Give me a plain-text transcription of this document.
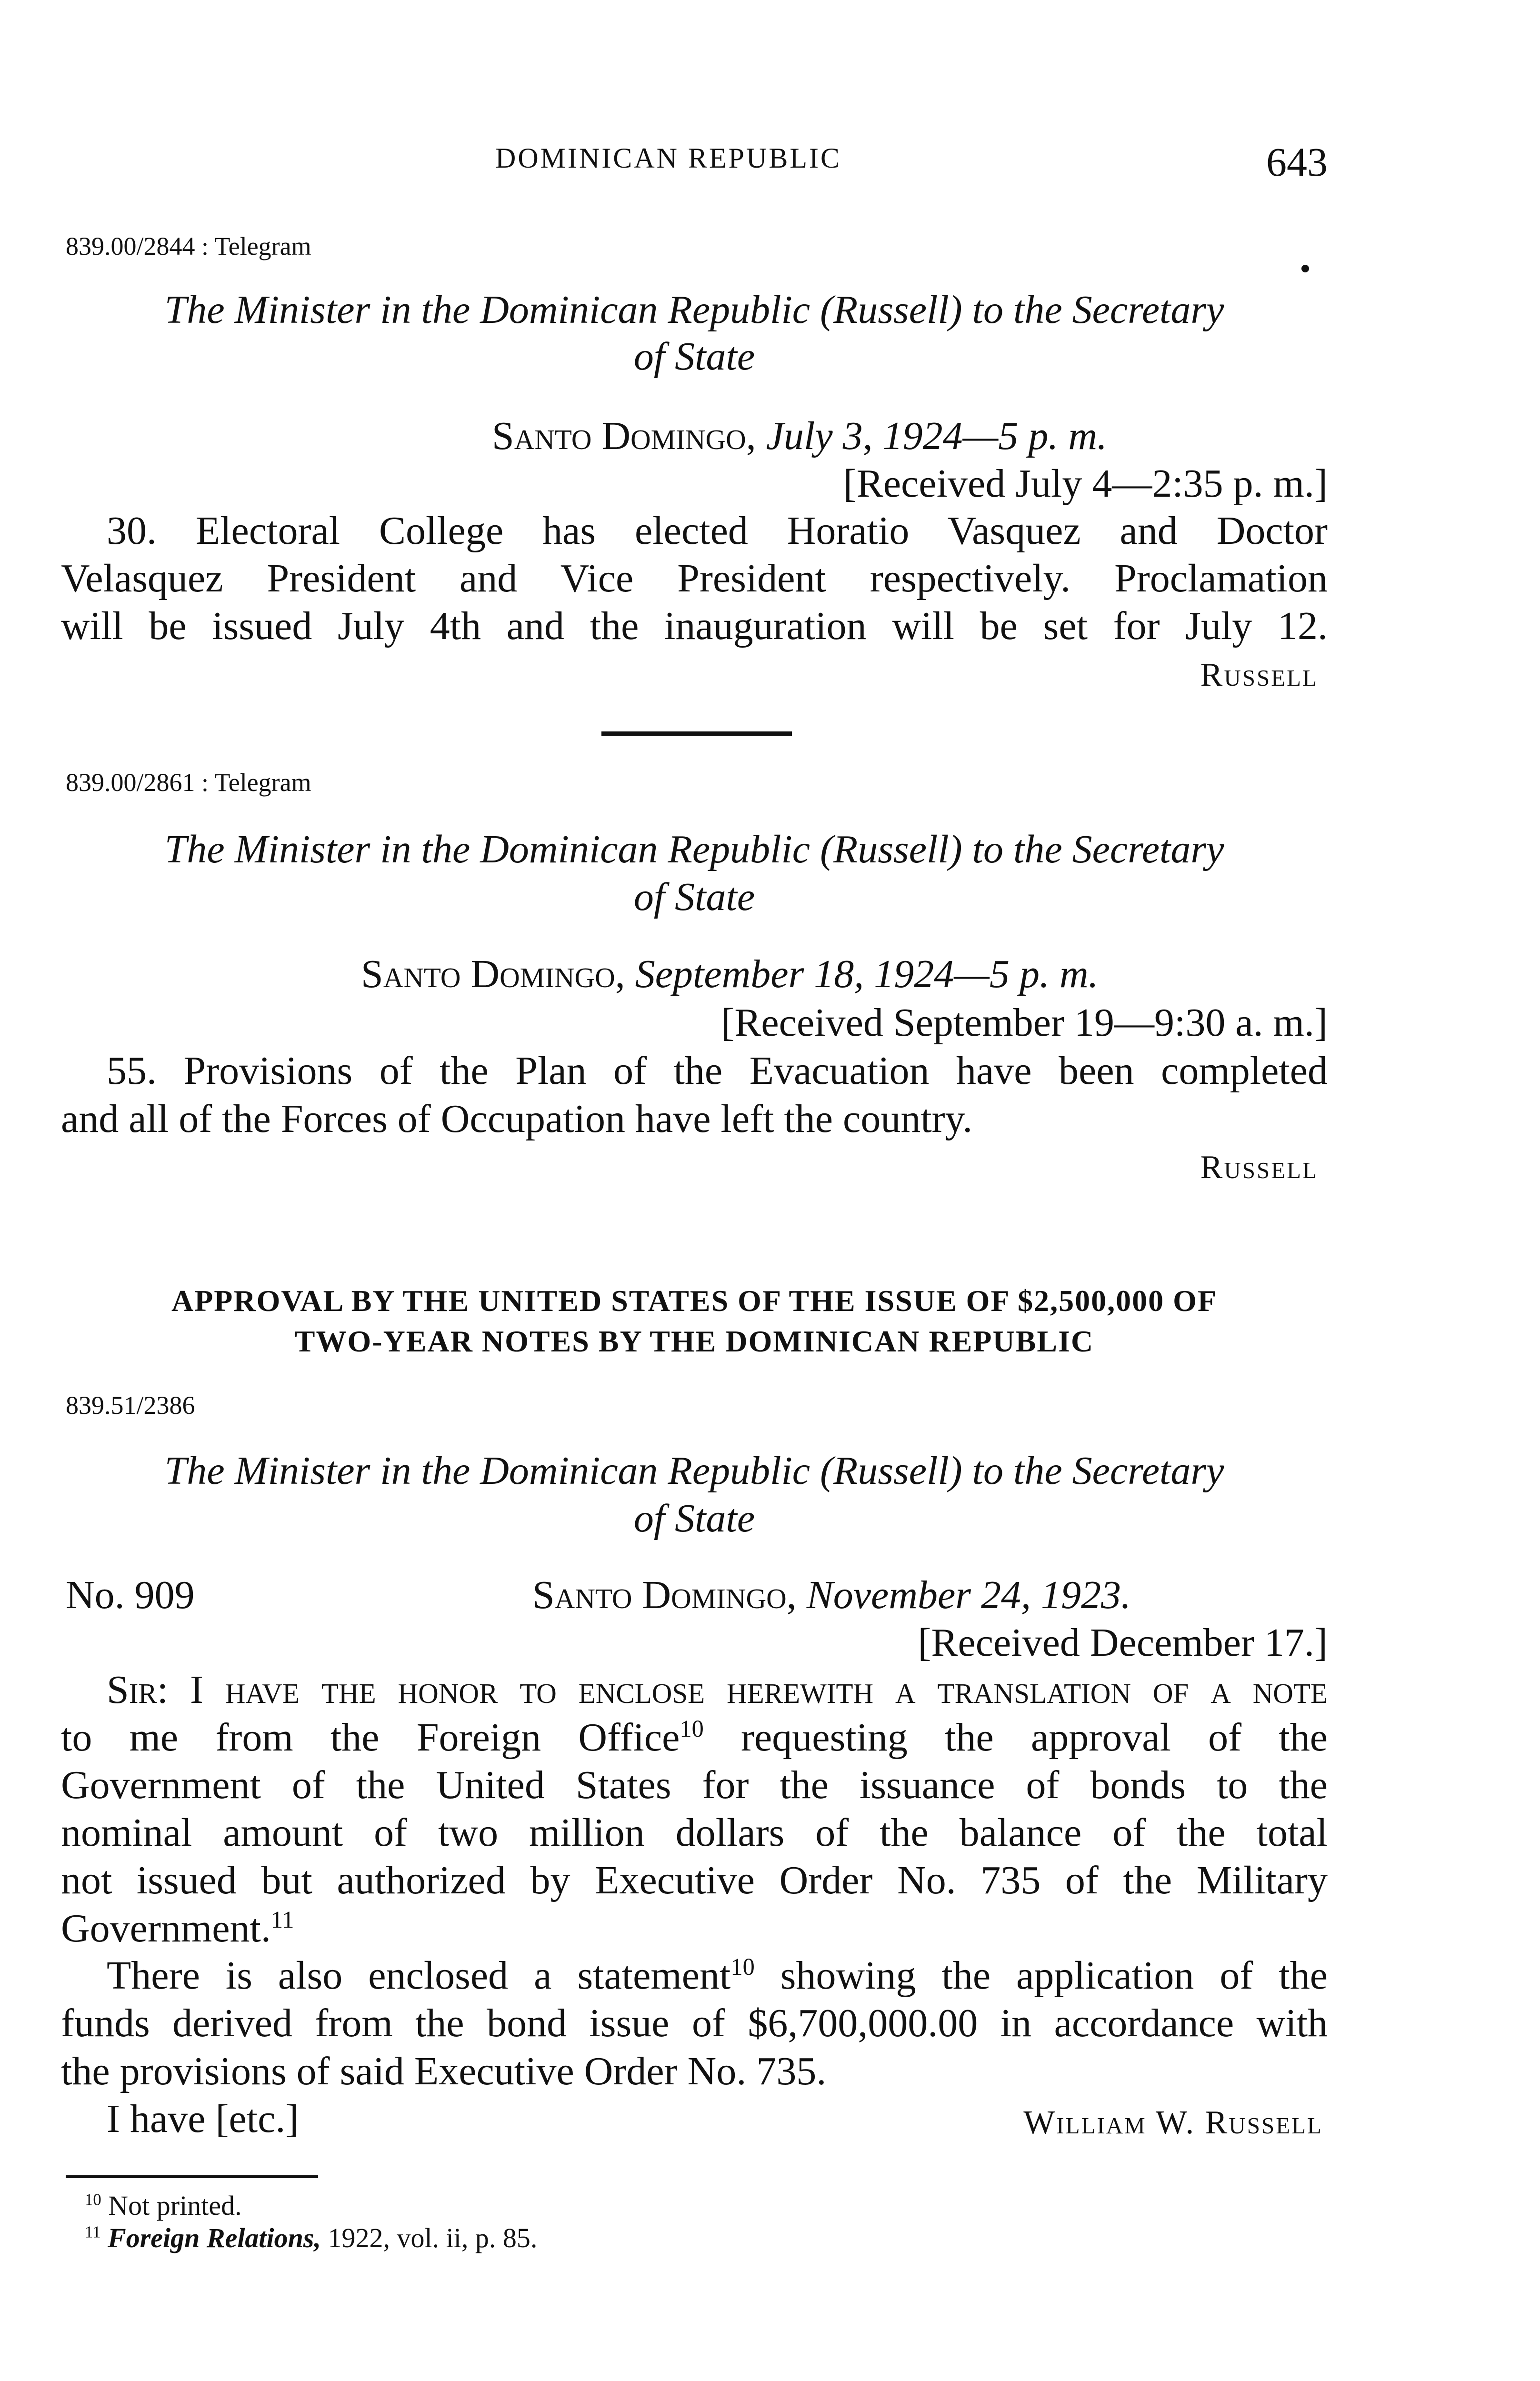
DOMINICAN REPUBLIC	643
839.00/2844 : Telegram
The Minister in the Dominican Republic (Russell) to the Secretary
of State
Santo Domingo, July 3, 1924—5 p. m.
[Received July 4—2:35 p. m.]
30. Electoral College has elected Horatio Vasquez and Doctor
Velasquez President and Vice President respectively. Proclamation
will be issued July 4th and the inauguration will be set for July 12.
Russell
839.00/2861 : Telegram
The Minister in the Dominican Republic (Russell) to the Secretary
of State
Santo Domingo, September 18, 1924—5 p. m.
[Received September 19—9:30 a. m.]
55. Provisions of the Plan of the Evacuation have been completed
and all of the Forces of Occupation have left the country.
Russell
APPROVAL BY THE UNITED STATES OF THE ISSUE OF $2,500,000 OF
TWO-YEAR NOTES BY THE DOMINICAN REPUBLIC
839.51/2386
The Minister in the Dominican Republic (Russell) to the Secretary
of State
No. 909	Santo Domingo, November 24, 1923.
[Received December 17.]
Sir: I have the honor to enclose herewith a translation of a note
to me from the Foreign Office$^{10}$ requesting the approval of the
Government of the United States for the issuance of bonds to the
nominal amount of two million dollars of the balance of the total
not issued but authorized by Executive Order No. 735 of the Military
Government.$^{11}$
There is also enclosed a statement$^{10}$ showing the application of the
funds derived from the bond issue of $6,700,000.00 in accordance with
the provisions of said Executive Order No. 735.
I have [etc.]	William W. Russell
$^{10}$ Not printed.
$^{11}$ Foreign Relations, 1922, vol. ii, p. 85.
